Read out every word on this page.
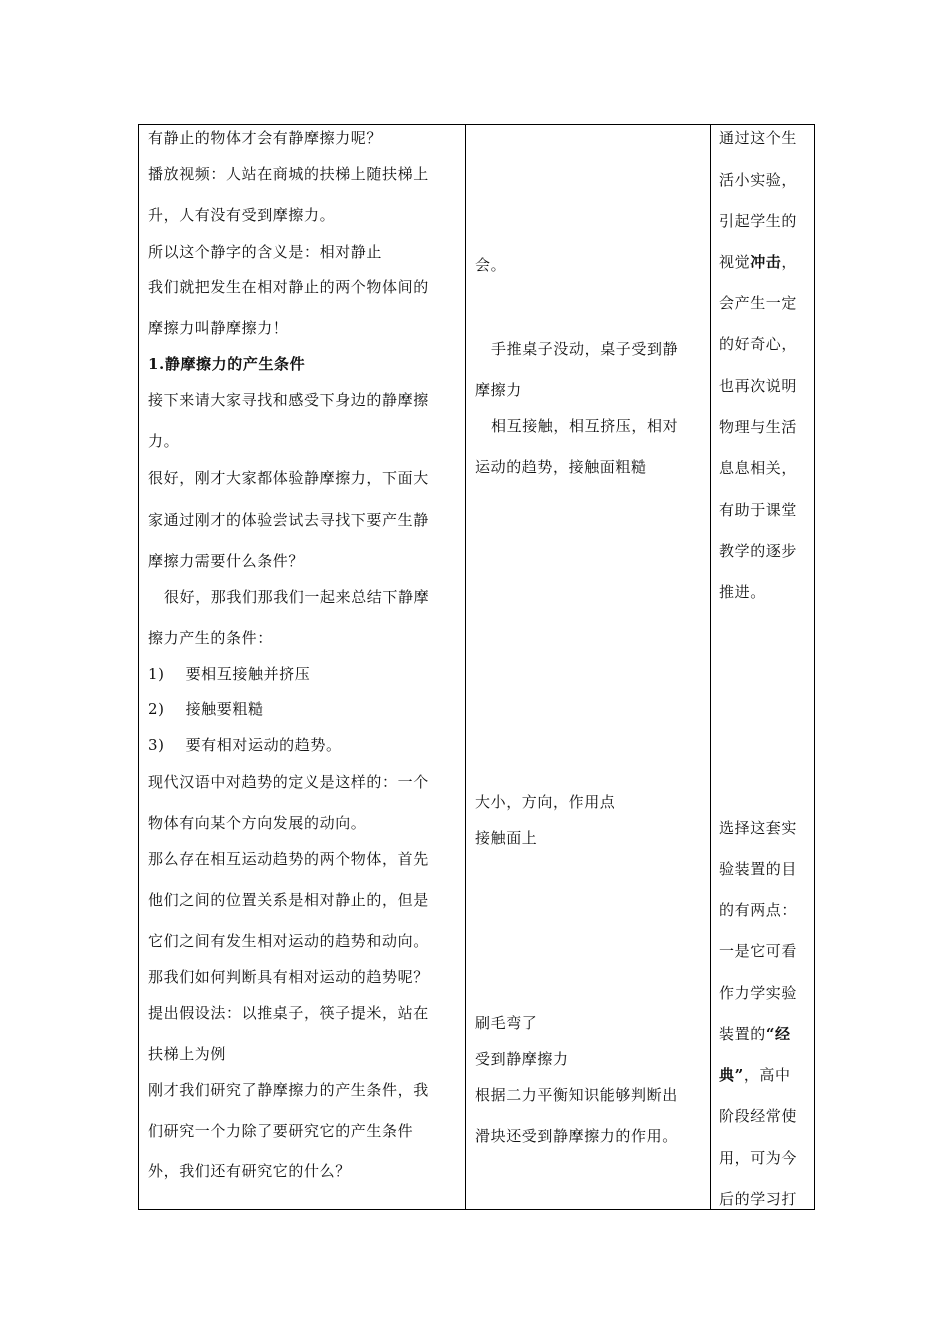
有静止的物体才会有静摩擦力呢？
播放视频：人站在商城的扶梯上随扶梯上
升，人有没有受到摩擦力。
所以这个静字的含义是：相对静止
我们就把发生在相对静止的两个物体间的
摩擦力叫静摩擦力！
1.静摩擦力的产生条件
接下来请大家寻找和感受下身边的静摩擦
力。
很好，刚才大家都体验静摩擦力，下面大
家通过刚才的体验尝试去寻找下要产生静
摩擦力需要什么条件？
很好，那我们那我们一起来总结下静摩
擦力产生的条件：
1)　 要相互接触并挤压
2)　 接触要粗糙
3)　 要有相对运动的趋势。
现代汉语中对趋势的定义是这样的：一个
物体有向某个方向发展的动向。
那么存在相互运动趋势的两个物体，首先
他们之间的位置关系是相对静止的，但是
它们之间有发生相对运动的趋势和动向。
那我们如何判断具有相对运动的趋势呢？
提出假设法：以推桌子，筷子提米，站在
扶梯上为例
刚才我们研究了静摩擦力的产生条件，我
们研究一个力除了要研究它的产生条件
外，我们还有研究它的什么？
会。
手推桌子没动，桌子受到静
摩擦力
相互接触，相互挤压，相对
运动的趋势，接触面粗糙
大小，方向，作用点
接触面上
刷毛弯了
受到静摩擦力
根据二力平衡知识能够判断出
滑块还受到静摩擦力的作用。
通过这个生
活小实验，
引起学生的
视觉冲击，
会产生一定
的好奇心，
也再次说明
物理与生活
息息相关，
有助于课堂
教学的逐步
推进。
选择这套实
验装置的目
的有两点：
一是它可看
作力学实验
装置的“经
典”，高中
阶段经常使
用，可为今
后的学习打
